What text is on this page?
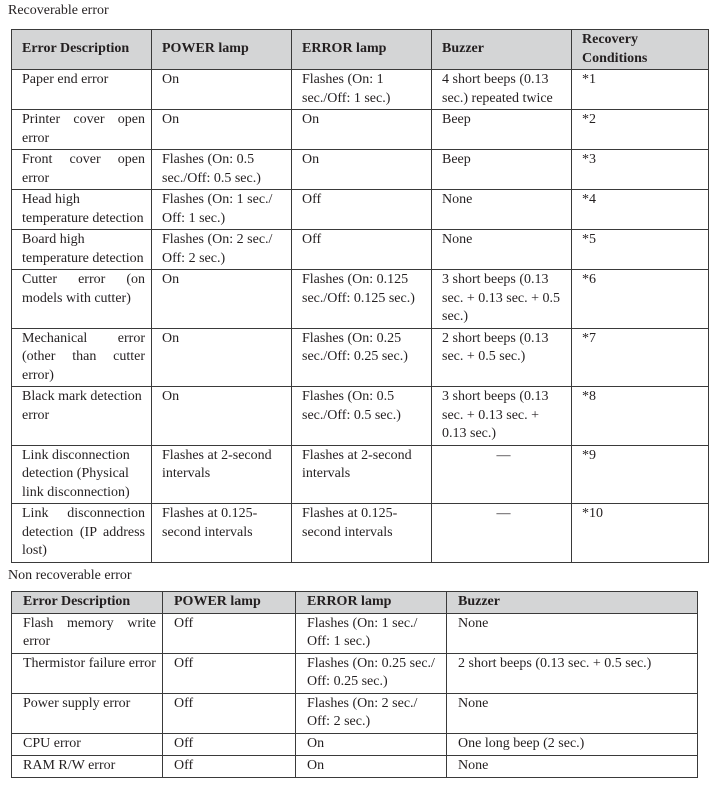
Recoverable error
Error Description	POWER lamp	ERROR lamp	Buzzer	Recovery Conditions
Paper end error	On	Flashes (On: 1 sec./Off: 1 sec.)	4 short beeps (0.13 sec.) repeated twice	*1
Printer cover open error	On	On	Beep	*2
Front cover open error	Flashes (On: 0.5 sec./Off: 0.5 sec.)	On	Beep	*3
Head high temperature detection	Flashes (On: 1 sec./ Off: 1 sec.)	Off	None	*4
Board high temperature detection	Flashes (On: 2 sec./ Off: 2 sec.)	Off	None	*5
Cutter error (on models with cutter)	On	Flashes (On: 0.125 sec./Off: 0.125 sec.)	3 short beeps (0.13 sec. + 0.13 sec. + 0.5 sec.)	*6
Mechanical error (other than cutter error)	On	Flashes (On: 0.25 sec./Off: 0.25 sec.)	2 short beeps (0.13 sec. + 0.5 sec.)	*7
Black mark detection error	On	Flashes (On: 0.5 sec./Off: 0.5 sec.)	3 short beeps (0.13 sec. + 0.13 sec. + 0.13 sec.)	*8
Link disconnection detection (Physical link disconnection)	Flashes at 2-second intervals	Flashes at 2-second intervals	—	*9
Link disconnection detection (IP address lost)	Flashes at 0.125-second intervals	Flashes at 0.125-second intervals	—	*10
Non recoverable error
Error Description	POWER lamp	ERROR lamp	Buzzer
Flash memory write error	Off	Flashes (On: 1 sec./ Off: 1 sec.)	None
Thermistor failure error	Off	Flashes (On: 0.25 sec./ Off: 0.25 sec.)	2 short beeps (0.13 sec. + 0.5 sec.)
Power supply error	Off	Flashes (On: 2 sec./ Off: 2 sec.)	None
CPU error	Off	On	One long beep (2 sec.)
RAM R/W error	Off	On	None
